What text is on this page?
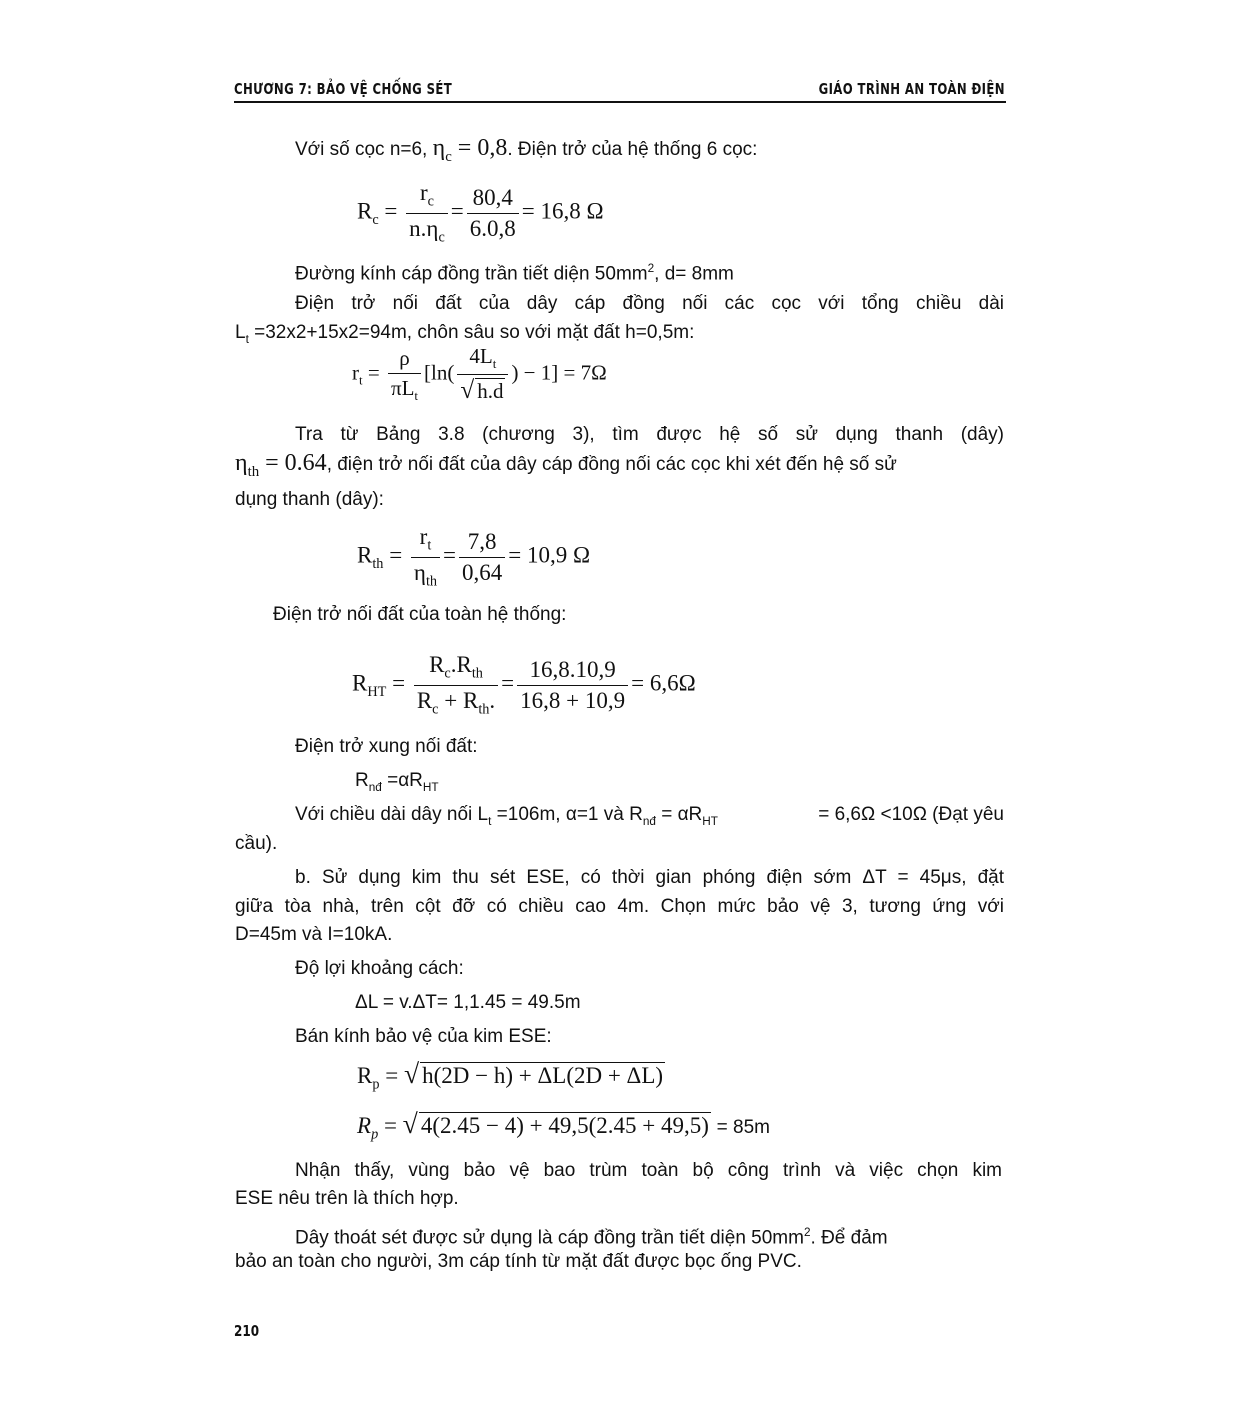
CHƯƠNG 7: BẢO VỆ CHỐNG SÉT	GIÁO TRÌNH AN TOÀN ĐIỆN
Với số cọc n=6, $\eta_c = 0,8$. Điện trở của hệ thống 6 cọc:
$R_c = \frac{r_c}{n.\eta_c} = \frac{80,4}{6.0,8} = 16,8$ Ω
Đường kính cáp đồng trần tiết diện $50mm^2$, d= 8mm
Điện trở nối đất của dây cáp đồng nối các cọc với tổng chiều dài
$L_t =32x2+15x2=94m$, chôn sâu so với mặt đất h=0,5m:
$r_t = \frac{\rho}{\pi L_t} [\ln( \frac{4L_t}{√ h.d}$ ) − 1] = 7Ω
Tra từ Bảng 3.8 (chương 3), tìm được hệ số sử dụng thanh (dây)
$\eta_{th} = 0.64$, điện trở nối đất của dây cáp đồng nối các cọc khi xét đến hệ số sử
dụng thanh (dây):
$R_{th} = \frac{r_t}{\eta_{th}} = \frac{7,8}{0,64} = 10,9$ Ω
Điện trở nối đất của toàn hệ thống:
$R_{HT} = \frac{R_c.R_{th}}{R_c + R_{th}.} = \frac{16,8.10,9}{16,8 + 10,9} = 6,6\Omega$
Điện trở xung nối đất:
$R_{nđ} =\alpha R_{HT}$
Với chiều dài dây nối $L_t =106m$, α=1 và $R_{nđ} = \alpha R_{HT}$	= 6,6Ω <10Ω (Đạt yêu
cầu).
b. Sử dụng kim thu sét ESE, có thời gian phóng điện sớm ΔT = 45μs, đặt
giữa tòa nhà, trên cột đỡ có chiều cao 4m. Chọn mức bảo vệ 3, tương ứng với
D=45m và I=10kA.
Độ lợi khoảng cách:
ΔL = v.ΔT= 1,1.45 = 49.5m
Bán kính bảo vệ của kim ESE:
$R_p$ = √ h(2D − h) + ΔL(2D + ΔL)
$R_p$ = √ 4(2.45 − 4) + 49,5(2.45 + 49,5) = 85m
Nhận thấy, vùng bảo vệ bao trùm toàn bộ công trình và việc chọn kim
ESE nêu trên là thích hợp.
Dây thoát sét được sử dụng là cáp đồng trần tiết diện $50mm^2$. Để đảm
bảo an toàn cho người, 3m cáp tính từ mặt đất được bọc ống PVC.
210
